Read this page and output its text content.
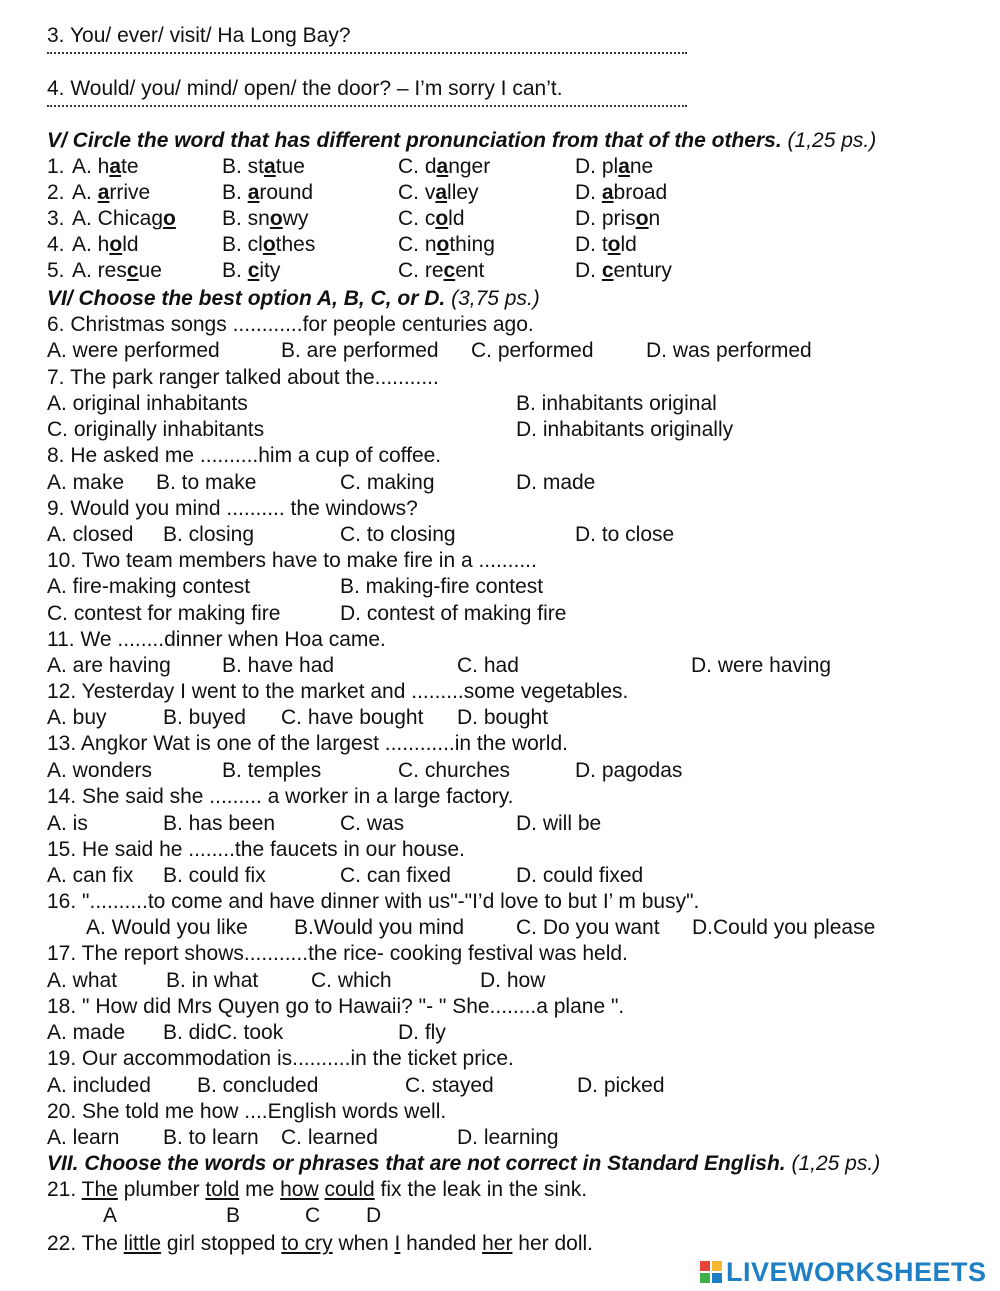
3. You/ ever/ visit/ Ha Long Bay?
4. Would/ you/ mind/ open/ the door? – I’m sorry I can’t.
V/ Circle the word that has different pronunciation from that of the others. (1,25 ps.)
1. A. hate	B. statue	C. danger	D. plane
2. A. arrive	B. around	C. valley	D. abroad
3. A. Chicago B. snowy	C. cold	D. prison
4. A. hold	B. clothes	C. nothing	D. told
5. A. rescue	B. city	C. recent	D. century
VI/ Choose the best option A, B, C, or D. (3,75 ps.)
6. Christmas songs ............for people centuries ago.
A. were performed	B. are performed C. performed D. was performed
7. The park ranger talked about the...........
A. original inhabitants	B. inhabitants original
C. originally inhabitants	D. inhabitants originally
8. He asked me ..........him a cup of coffee.
A. make B. to make	C. making	D. made
9. Would you mind .......... the windows?
A. closed B. closing	C. to closing	D. to close
10. Two team members have to make fire in a ..........
A. fire-making contest	B. making-fire contest
C. contest for making fire	D. contest of making fire
11. We ........dinner when Hoa came.
A. are having B. have had	C. had	D. were having
12. Yesterday I went to the market and .........some vegetables.
A. buy	B. buyed C. have bought D. bought
13. Angkor Wat is one of the largest ............in the world.
A. wonders	B. temples	C. churches	D. pagodas
14. She said she ......... a worker in a large factory.
A. is	B. has been	C. was	D. will be
15. He said he ........the faucets in our house.
A. can fix B. could fix	C. can fixed	D. could fixed
16. "..........to come and have dinner with us"-"I’d love to but I’ m busy".
A. Would you like B.Would you mind C. Do you want D.Could you please
17. The report shows...........the rice- cooking festival was held.
A. what B. in what	C. which	D. how
18. " How did Mrs Quyen go to Hawaii? "- " She........a plane ".
A. made B. didC. took	D. fly
19. Our accommodation is..........in the ticket price.
A. included B. concluded	C. stayed	D. picked
20. She told me how ....English words well.
A. learn B. to learn C. learned	D. learning
VII. Choose the words or phrases that are not correct in Standard English. (1,25 ps.)
21. The plumber told me how could fix the leak in the sink.
A	B	C D
22. The little girl stopped to cry when I handed her her doll.
LIVEWORKSHEETS
